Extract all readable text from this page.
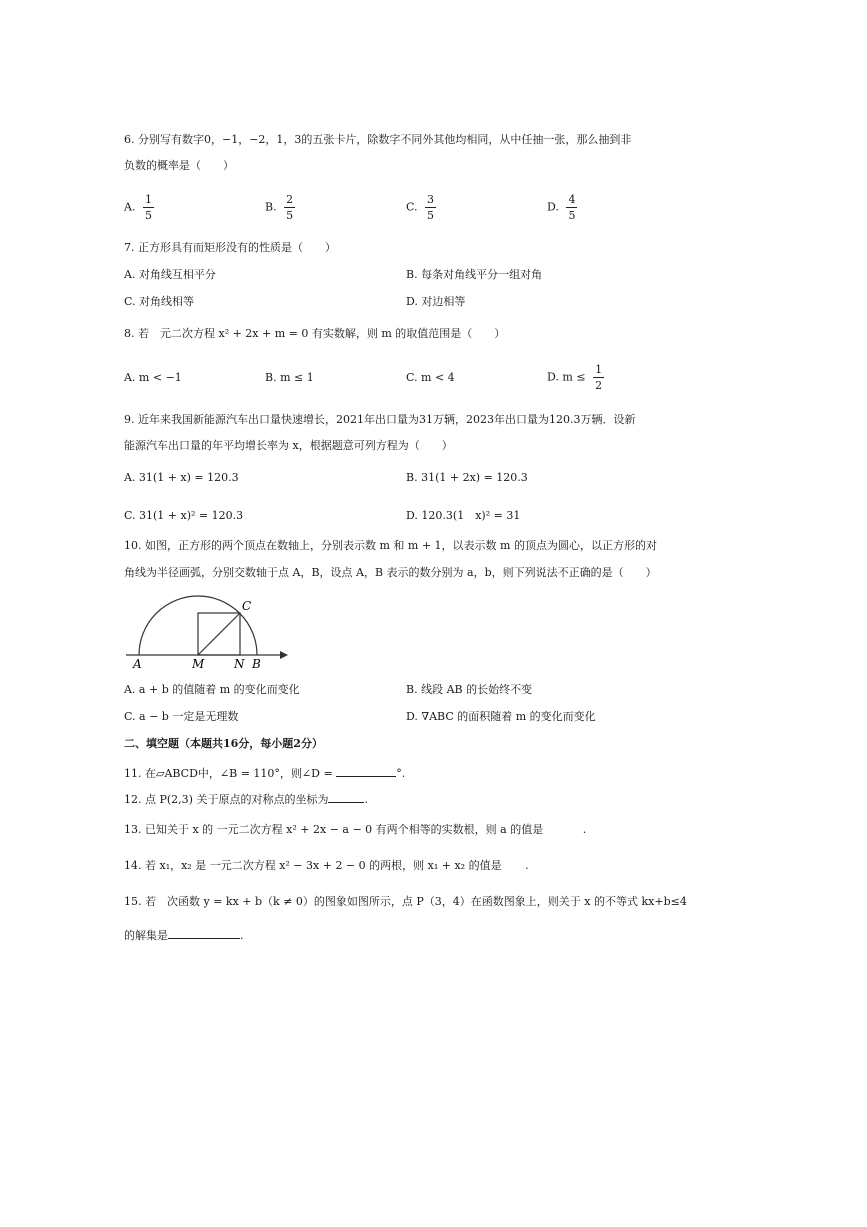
6. 分别写有数字0，−1，−2，1，3的五张卡片，除数字不同外其他均相同，从中任抽一张，那么抽到非
负数的概率是（　　）
A. $\frac{1}{5}$	B. $\frac{2}{5}$	C. $\frac{3}{5}$	D. $\frac{4}{5}$
7. 正方形具有而矩形没有的性质是（　　）
A. 对角线互相平分	B. 每条对角线平分一组对角
C. 对角线相等	D. 对边相等
8. 若　元二次方程 x² + 2x + m = 0 有实数解，则 m 的取值范围是（　　）
A. m < −1	B. m ≤ 1	C. m < 4	D. $m \le \frac{1}{2}$
9. 近年来我国新能源汽车出口量快速增长，2021年出口量为31万辆，2023年出口量为120.3万辆．设新
能源汽车出口量的年平均增长率为 x，根据题意可列方程为（　　）
A. 31(1 + x) = 120.3	B. 31(1 + 2x) = 120.3
C. 31(1 + x)² = 120.3	D. 120.3(1　x)² = 31
10. 如图，正方形的两个顶点在数轴上，分别表示数 m 和 m + 1，以表示数 m 的顶点为圆心，以正方形的对
角线为半径画弧，分别交数轴于点 A，B，设点 A，B 表示的数分别为 a，b，则下列说法不正确的是（　　）
A	M N B
C
A. a + b 的值随着 m 的变化而变化	B. 线段 AB 的长始终不变
C. a − b 一定是无理数	D. ∇ABC 的面积随着 m 的变化而变化
二、填空题（本题共16分，每小题2分）
11. 在▱ABCD中，∠B = 110°，则∠D =	°.
12. 点 P(2,3) 关于原点的对称点的坐标为	.
13. 已知关于 x 的 一元二次方程 x² + 2x − a − 0 有两个相等的实数根，则 a 的值是	.
14. 若 x₁，x₂ 是 一元二次方程 x² − 3x + 2 − 0 的两根，则 x₁ + x₂ 的值是 .
15. 若　次函数 y = kx + b（k ≠ 0）的图象如图所示，点 P（3，4）在函数图象上，则关于 x 的不等式 kx+b≤4
的解集是	.
